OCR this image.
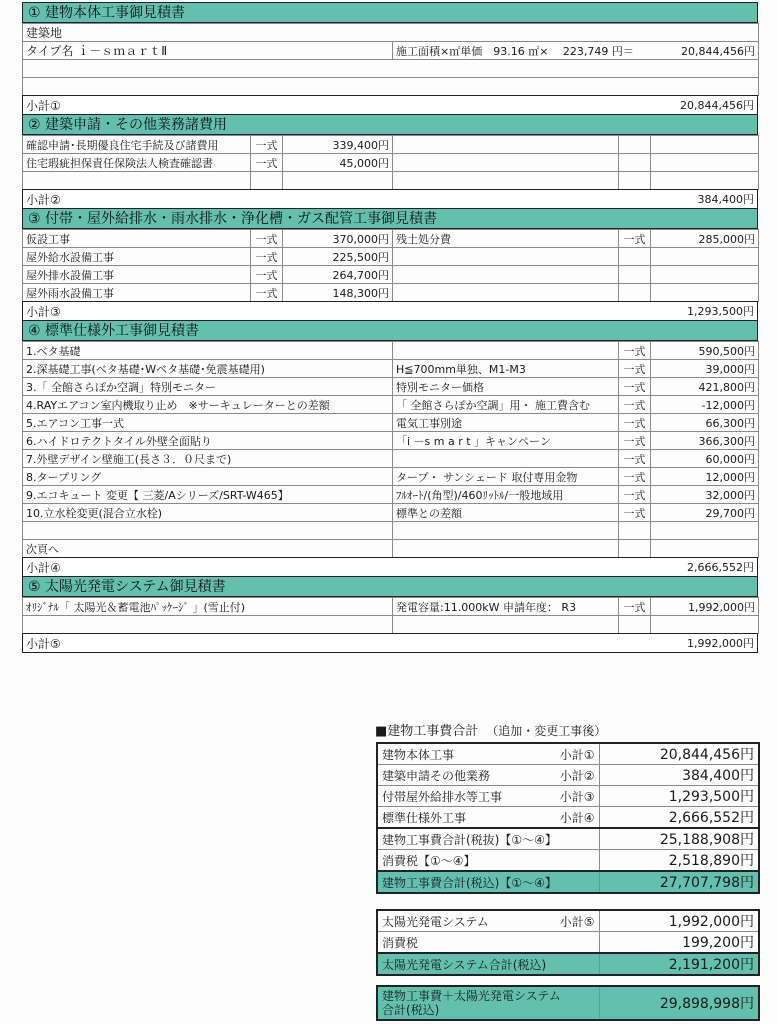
① 建物本体工事御見積書
建築地
タイプ名 ｉ－ｓｍａｒｔⅡ	施工面積×㎡単価　93.16 ㎡×　 223,749 円＝	20,844,456円

小計①	20,844,456円
② 建築申請・その他業務諸費用
確認申請･長期優良住宅手続及び諸費用	一式	339,400円			
住宅瑕疵担保責任保険法人検査確認書	一式	45,000円			

小計②	384,400円
③ 付帯・屋外給排水・雨水排水・浄化槽・ガス配管工事御見積書
仮設工事	一式	370,000円	残土処分費	一式	285,000円
屋外給水設備工事	一式	225,500円			
屋外排水設備工事	一式	264,700円			
屋外雨水設備工事	一式	148,300円			
小計③	1,293,500円
④ 標準仕様外工事御見積書
1.ベタ基礎		一式	590,500円
2.深基礎工事(ベタ基礎･Wベタ基礎･免震基礎用)	H≦700mm単独、M1-M3	一式	39,000円
3.「 全館さらぽか空調」特別モニター	特別モニター価格	一式	421,800円
4.RAYエアコン室内機取り止め　※サーキュレーターとの差額	「 全館さらぽか空調」用・ 施工費含む	一式	-12,000円
5.エアコン工事一式	電気工事別途	一式	66,300円
6.ハイドロテクトタイル外壁全面貼り	「i －s m a r t 」キャンペーン	一式	366,300円
7.外壁デザイン壁施工(長さ３．０尺まで)		一式	60,000円
8.タープリング	タープ・ サンシェード 取付専用金物	一式	12,000円
9.エコキュート 変更【 三菱/Aシリーズ/SRT-W465】	ﾌﾙｵｰﾄ/(角型)/460ﾘｯﾄﾙ/一般地域用	一式	32,000円
10.立水栓変更(混合立水栓)	標準との差額	一式	29,700円

次頁へ			
小計④	2,666,552円
⑤ 太陽光発電システム御見積書
ｵﾘｼﾞﾅﾙ「 太陽光＆蓄電池ﾊﾟｯｹｰｼﾞ 」(雪止付)	発電容量:11.000kW 申請年度： R3	一式	1,992,000円

小計⑤	1,992,000円
■建物工事費合計 （追加・変更工事後）
建物本体工事 小計①	20,844,456円

建築申請その他業務 小計②	384,400円

付帯屋外給排水等工事 小計③	1,293,500円

標準仕様外工事 小計④	2,666,552円
建物工事費合計(税抜)【①～④】	25,188,908円
消費税【①～④】	2,518,890円
建物工事費合計(税込)【①～④】	27,707,798円
太陽光発電システム 小計⑤	1,992,000円
消費税	199,200円
太陽光発電システム合計(税込)	2,191,200円
建物工事費＋太陽光発電システム
合計(税込)	29,898,998円
